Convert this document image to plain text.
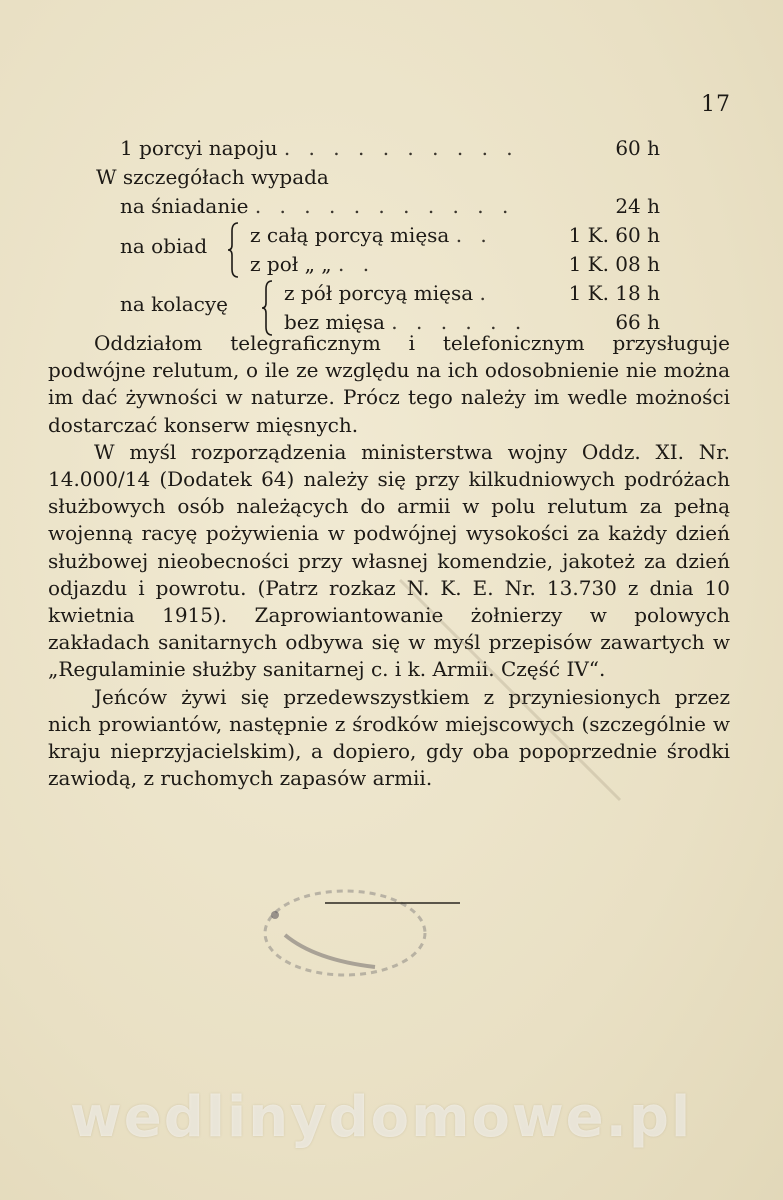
17
1 porcyi napoju . . . . . . . . . .	60 h
W szczegółach wypada
na śniadanie . . . . . . . . . . .	24 h
na obiad z całą porcyą mięsa . .	1 K. 60 h
z poł „ „ . .	1 K. 08 h
na kolacyę	z pół porcyą mięsa .	1 K. 18 h
bez mięsa . . . . . .	66 h

Oddziałom telegraficznym i telefonicznym przysługuje podwójne relutum, o ile ze względu na ich odosobnienie nie można im dać żywności w naturze. Prócz tego należy im wedle możności dostarczać konserw mięsnych.

W myśl rozporządzenia ministerstwa wojny Oddz. XI. Nr. 14.000/14 (Dodatek 64) należy się przy kilkudniowych podróżach służbowych osób należących do armii w polu relutum za pełną wojenną racyę pożywienia w podwójnej wysokości za każdy dzień służbowej nieobecności przy własnej komendzie, jakoteż za dzień odjazdu i powrotu. (Patrz rozkaz N. K. E. Nr. 13.730 z dnia 10 kwietnia 1915). Zaprowiantowanie żołnierzy w polowych zakładach sanitarnych odbywa się w myśl przepisów zawartych w „Regulaminie służby sanitarnej c. i k. Armii. Część IV“.

Jeńców żywi się przedewszystkiem z przyniesionych przez nich prowiantów, następnie z środków miejscowych (szczególnie w kraju nieprzyjacielskim), a dopiero, gdy oba popoprzednie środki zawiodą, z ruchomych zapasów armii.

wedlinydomowe.pl
